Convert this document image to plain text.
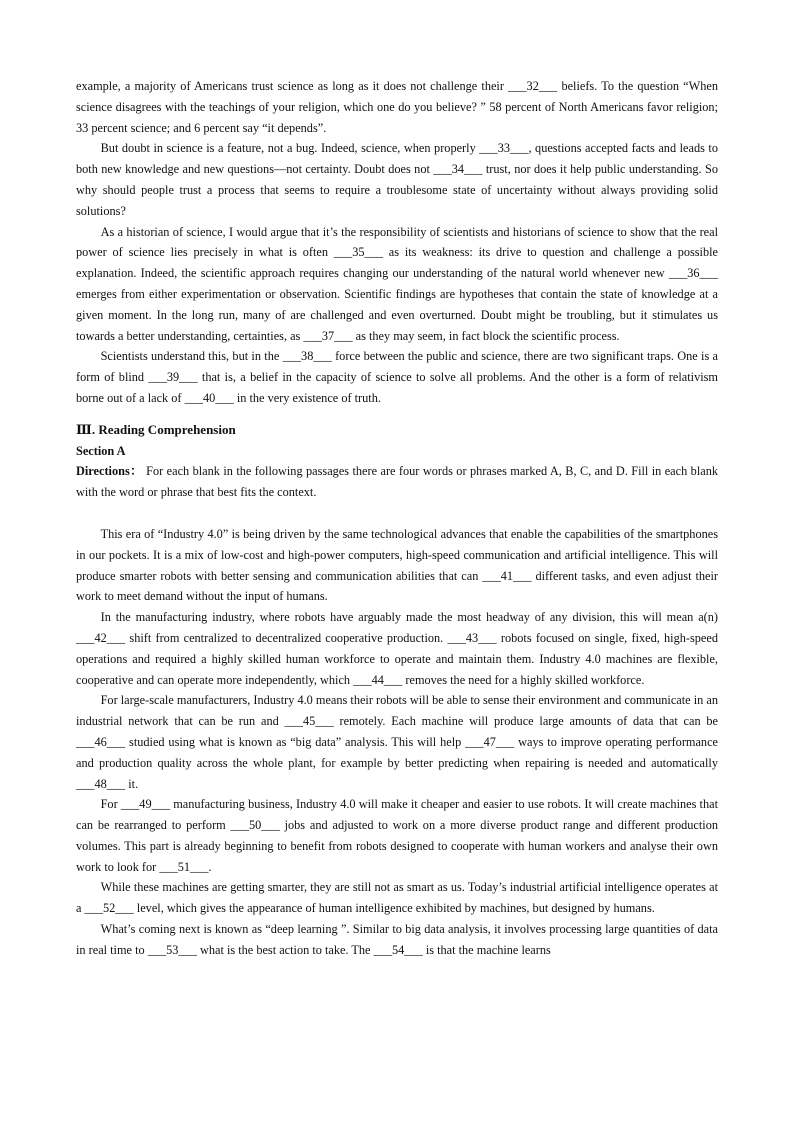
example, a majority of Americans trust science as long as it does not challenge their ___32___ beliefs. To the question “When science disagrees with the teachings of your religion, which one do you believe? ” 58 percent of North Americans favor religion; 33 percent science; and 6 percent say “it depends”.

But doubt in science is a feature, not a bug. Indeed, science, when properly ___33___, questions accepted facts and leads to both new knowledge and new questions—not certainty. Doubt does not ___34___ trust, nor does it help public understanding. So why should people trust a process that seems to require a troublesome state of uncertainty without always providing solid solutions?

As a historian of science, I would argue that it’s the responsibility of scientists and historians of science to show that the real power of science lies precisely in what is often ___35___ as its weakness: its drive to question and challenge a possible explanation. Indeed, the scientific approach requires changing our understanding of the natural world whenever new ___36___ emerges from either experimentation or observation. Scientific findings are hypotheses that contain the state of knowledge at a given moment. In the long run, many of are challenged and even overturned. Doubt might be troubling, but it stimulates us towards a better understanding, certainties, as ___37___ as they may seem, in fact block the scientific process.

Scientists understand this, but in the ___38___ force between the public and science, there are two significant traps. One is a form of blind ___39___ that is, a belief in the capacity of science to solve all problems. And the other is a form of relativism borne out of a lack of ___40___ in the very existence of truth.

Ⅲ. Reading Comprehension

Section A

Directions： For each blank in the following passages there are four words or phrases marked A, B, C, and D. Fill in each blank with the word or phrase that best fits the context.

This era of “Industry 4.0” is being driven by the same technological advances that enable the capabilities of the smartphones in our pockets. It is a mix of low-cost and high-power computers, high-speed communication and artificial intelligence. This will produce smarter robots with better sensing and communication abilities that can ___41___ different tasks, and even adjust their work to meet demand without the input of humans.

In the manufacturing industry, where robots have arguably made the most headway of any division, this will mean a(n) ___42___ shift from centralized to decentralized cooperative production. ___43___ robots focused on single, fixed, high-speed operations and required a highly skilled human workforce to operate and maintain them. Industry 4.0 machines are flexible, cooperative and can operate more independently, which ___44___ removes the need for a highly skilled workforce.

For large-scale manufacturers, Industry 4.0 means their robots will be able to sense their environment and communicate in an industrial network that can be run and ___45___ remotely. Each machine will produce large amounts of data that can be ___46___ studied using what is known as “big data” analysis. This will help ___47___ ways to improve operating performance and production quality across the whole plant, for example by better predicting when repairing is needed and automatically ___48___ it.

For ___49___ manufacturing business, Industry 4.0 will make it cheaper and easier to use robots. It will create machines that can be rearranged to perform ___50___ jobs and adjusted to work on a more diverse product range and different production volumes. This part is already beginning to benefit from robots designed to cooperate with human workers and analyse their own work to look for ___51___.

While these machines are getting smarter, they are still not as smart as us. Today’s industrial artificial intelligence operates at a ___52___ level, which gives the appearance of human intelligence exhibited by machines, but designed by humans.

What’s coming next is known as “deep learning ”. Similar to big data analysis, it involves processing large quantities of data in real time to ___53___ what is the best action to take. The ___54___ is that the machine learns
